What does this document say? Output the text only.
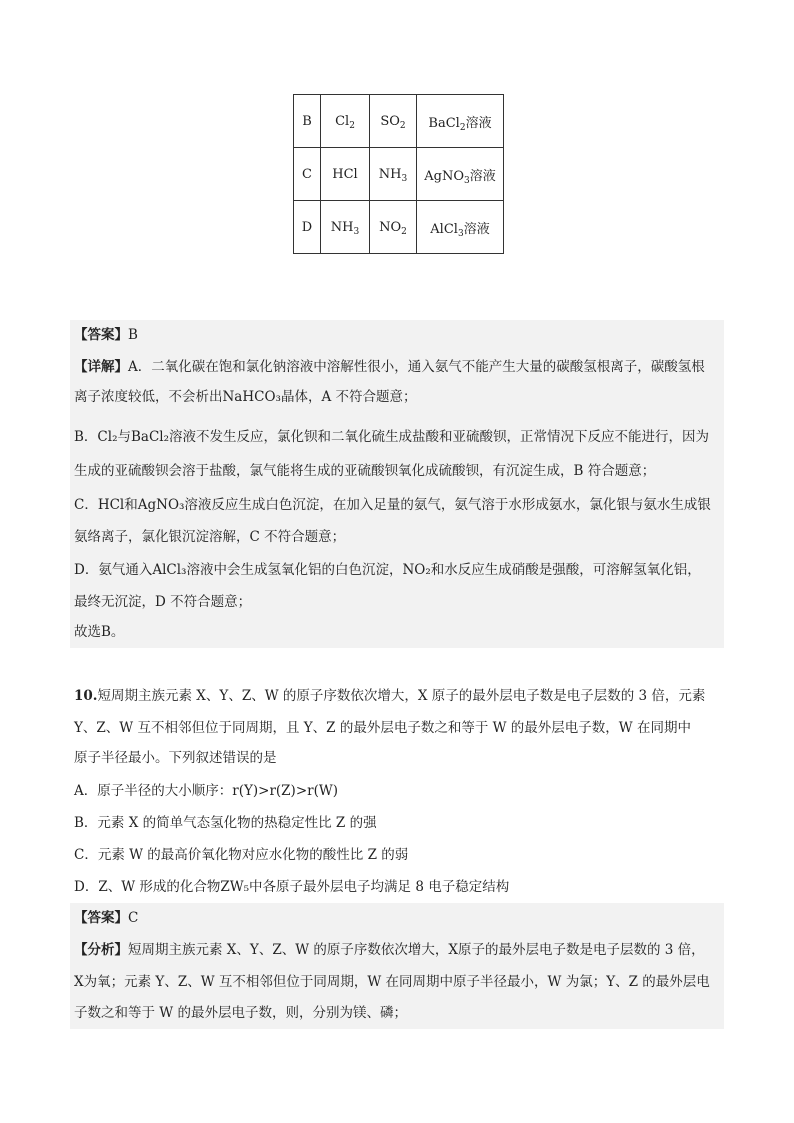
B	$Cl_2$	$SO_2$	BaCl$_2$溶液
C	HCl	$NH_3$	AgNO$_3$溶液
D	$NH_3$	$NO_2$	AlCl$_3$溶液
【答案】B
【详解】A．二氧化碳在饱和氯化钠溶液中溶解性很小，通入氨气不能产生大量的碳酸氢根离子，碳酸氢根
离子浓度较低，不会析出NaHCO₃晶体，A 不符合题意；
B．Cl₂与BaCl₂溶液不发生反应，氯化钡和二氧化硫生成盐酸和亚硫酸钡，正常情况下反应不能进行，因为
生成的亚硫酸钡会溶于盐酸，氯气能将生成的亚硫酸钡氧化成硫酸钡，有沉淀生成，B 符合题意；
C．HCl和AgNO₃溶液反应生成白色沉淀，在加入足量的氨气，氨气溶于水形成氨水，氯化银与氨水生成银
氨络离子，氯化银沉淀溶解，C 不符合题意；
D．氨气通入AlCl₃溶液中会生成氢氧化铝的白色沉淀，NO₂和水反应生成硝酸是强酸，可溶解氢氧化铝，
最终无沉淀，D 不符合题意；
故选B。
10.短周期主族元素 X、Y、Z、W 的原子序数依次增大，X 原子的最外层电子数是电子层数的 3 倍，元素
Y、Z、W 互不相邻但位于同周期，且 Y、Z 的最外层电子数之和等于 W 的最外层电子数，W 在同期中
原子半径最小。下列叙述错误的是
A．原子半径的大小顺序：r(Y)>r(Z)>r(W)
B．元素 X 的简单气态氢化物的热稳定性比 Z 的强
C．元素 W 的最高价氧化物对应水化物的酸性比 Z 的弱
D．Z、W 形成的化合物ZW₅中各原子最外层电子均满足 8 电子稳定结构
【答案】C
【分析】短周期主族元素 X、Y、Z、W 的原子序数依次增大，X原子的最外层电子数是电子层数的 3 倍，
X为氧；元素 Y、Z、W 互不相邻但位于同周期，W 在同周期中原子半径最小，W 为氯；Y、Z 的最外层电
子数之和等于 W 的最外层电子数，则，分别为镁、磷；
